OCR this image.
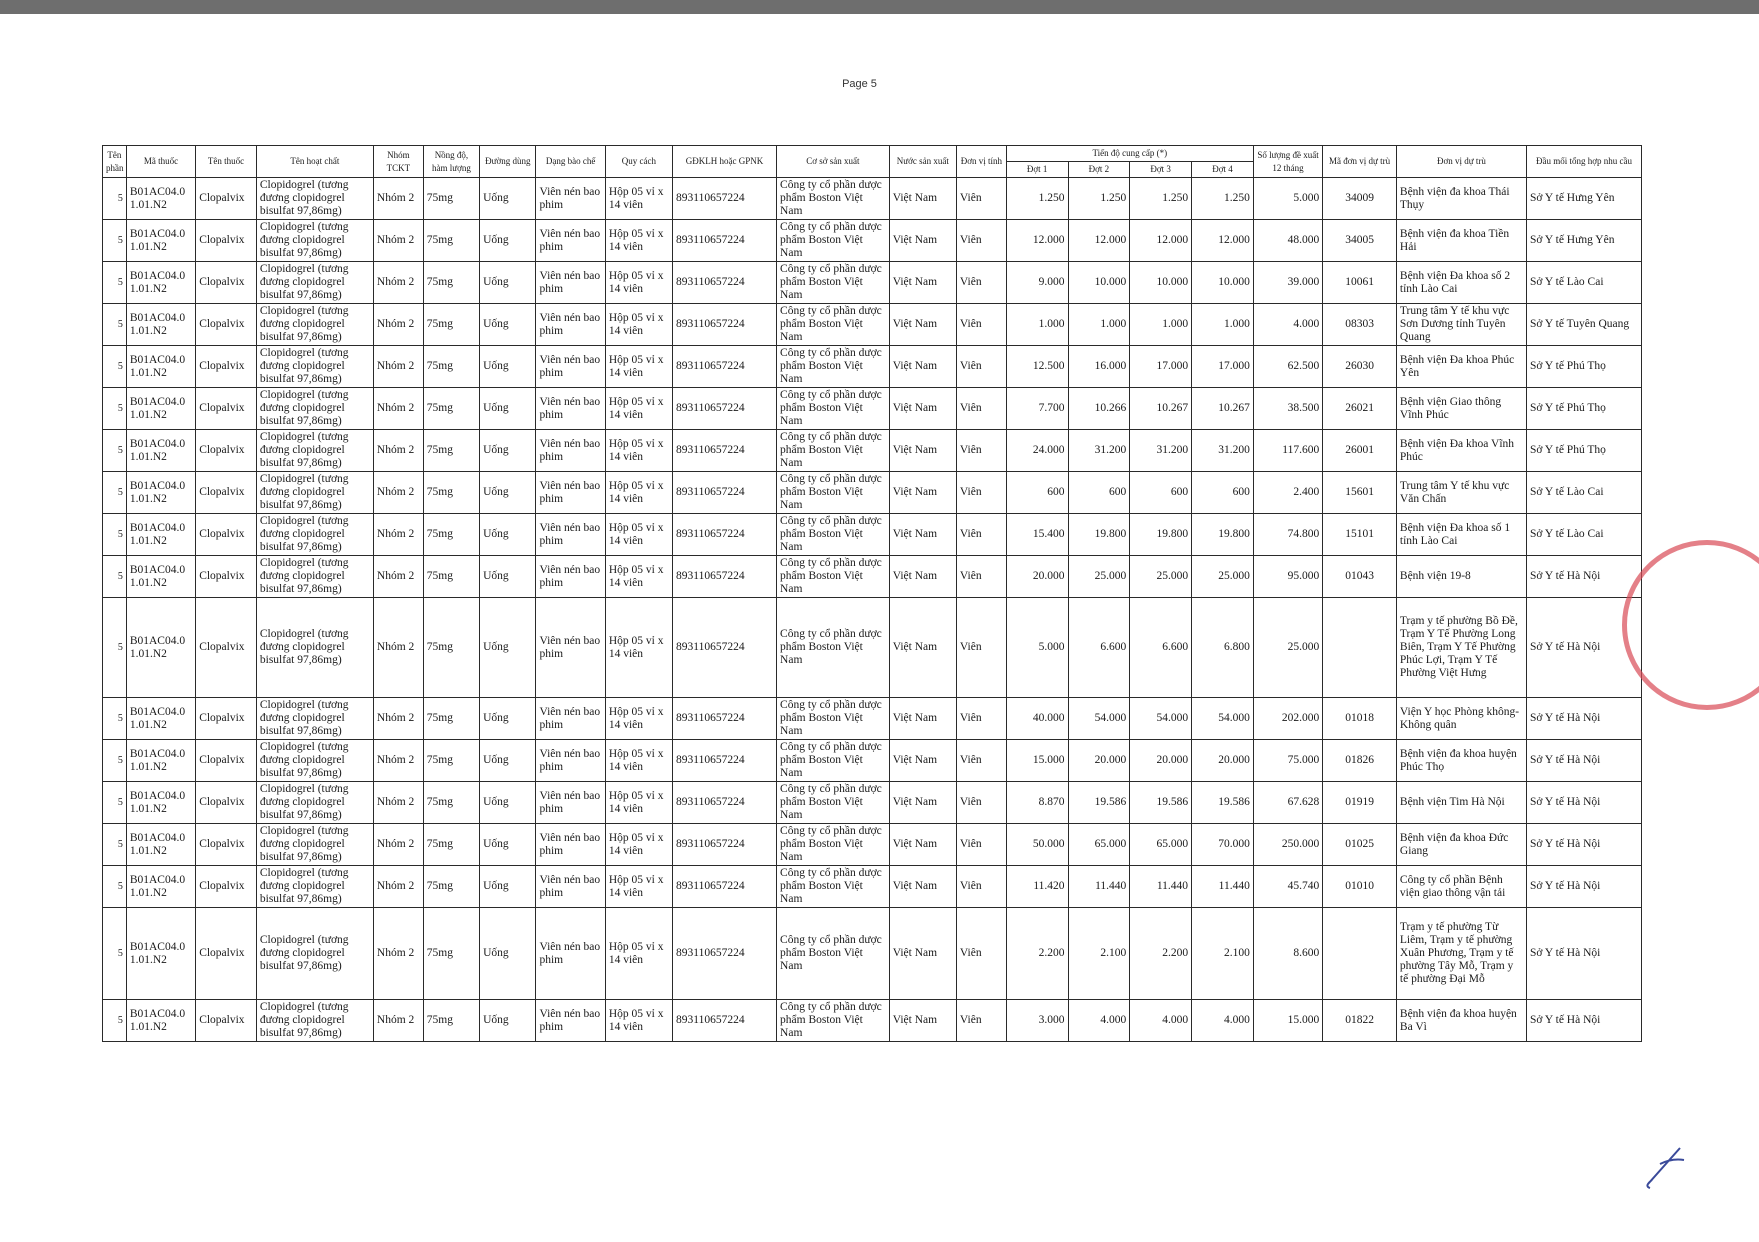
Page 5
Tên phần	Mã thuốc	Tên thuốc	Tên hoạt chất	Nhóm TCKT	Nồng độ, hàm lượng	Đường dùng	Dạng bào chế	Quy cách	GĐKLH hoặc GPNK	Cơ sở sản xuất	Nước sản xuất	Đơn vị tính	Tiến độ cung cấp (*)				Số lượng đề xuất 12 tháng	Mã đơn vị dự trù	Đơn vị dự trù	Đầu mối tổng hợp nhu cầu
													Đợt 1	Đợt 2	Đợt 3	Đợt 4				
5	B01AC04.0 1.01.N2	Clopalvix	Clopidogrel (tương đương clopidogrel bisulfat 97,86mg)	Nhóm 2	75mg	Uống	Viên nén bao phim	Hộp 05 vỉ x 14 viên	893110657224	Công ty cổ phần dược phẩm Boston Việt Nam	Việt Nam	Viên	1.250	1.250	1.250	1.250	5.000	34009	Bệnh viện đa khoa Thái Thụy	Sở Y tế Hưng Yên
5	B01AC04.0 1.01.N2	Clopalvix	Clopidogrel (tương đương clopidogrel bisulfat 97,86mg)	Nhóm 2	75mg	Uống	Viên nén bao phim	Hộp 05 vỉ x 14 viên	893110657224	Công ty cổ phần dược phẩm Boston Việt Nam	Việt Nam	Viên	12.000	12.000	12.000	12.000	48.000	34005	Bệnh viện đa khoa Tiền Hải	Sở Y tế Hưng Yên
5	B01AC04.0 1.01.N2	Clopalvix	Clopidogrel (tương đương clopidogrel bisulfat 97,86mg)	Nhóm 2	75mg	Uống	Viên nén bao phim	Hộp 05 vỉ x 14 viên	893110657224	Công ty cổ phần dược phẩm Boston Việt Nam	Việt Nam	Viên	9.000	10.000	10.000	10.000	39.000	10061	Bệnh viện Đa khoa số 2 tỉnh Lào Cai	Sở Y tế Lào Cai
5	B01AC04.0 1.01.N2	Clopalvix	Clopidogrel (tương đương clopidogrel bisulfat 97,86mg)	Nhóm 2	75mg	Uống	Viên nén bao phim	Hộp 05 vỉ x 14 viên	893110657224	Công ty cổ phần dược phẩm Boston Việt Nam	Việt Nam	Viên	1.000	1.000	1.000	1.000	4.000	08303	Trung tâm Y tế khu vực Sơn Dương tỉnh Tuyên Quang	Sở Y tế Tuyên Quang
5	B01AC04.0 1.01.N2	Clopalvix	Clopidogrel (tương đương clopidogrel bisulfat 97,86mg)	Nhóm 2	75mg	Uống	Viên nén bao phim	Hộp 05 vỉ x 14 viên	893110657224	Công ty cổ phần dược phẩm Boston Việt Nam	Việt Nam	Viên	12.500	16.000	17.000	17.000	62.500	26030	Bệnh viện Đa khoa Phúc Yên	Sở Y tế Phú Thọ
5	B01AC04.0 1.01.N2	Clopalvix	Clopidogrel (tương đương clopidogrel bisulfat 97,86mg)	Nhóm 2	75mg	Uống	Viên nén bao phim	Hộp 05 vỉ x 14 viên	893110657224	Công ty cổ phần dược phẩm Boston Việt Nam	Việt Nam	Viên	7.700	10.266	10.267	10.267	38.500	26021	Bệnh viện Giao thông Vĩnh Phúc	Sở Y tế Phú Thọ
5	B01AC04.0 1.01.N2	Clopalvix	Clopidogrel (tương đương clopidogrel bisulfat 97,86mg)	Nhóm 2	75mg	Uống	Viên nén bao phim	Hộp 05 vỉ x 14 viên	893110657224	Công ty cổ phần dược phẩm Boston Việt Nam	Việt Nam	Viên	24.000	31.200	31.200	31.200	117.600	26001	Bệnh viện Đa khoa Vĩnh Phúc	Sở Y tế Phú Thọ
5	B01AC04.0 1.01.N2	Clopalvix	Clopidogrel (tương đương clopidogrel bisulfat 97,86mg)	Nhóm 2	75mg	Uống	Viên nén bao phim	Hộp 05 vỉ x 14 viên	893110657224	Công ty cổ phần dược phẩm Boston Việt Nam	Việt Nam	Viên	600	600	600	600	2.400	15601	Trung tâm Y tế khu vực Văn Chấn	Sở Y tế Lào Cai
5	B01AC04.0 1.01.N2	Clopalvix	Clopidogrel (tương đương clopidogrel bisulfat 97,86mg)	Nhóm 2	75mg	Uống	Viên nén bao phim	Hộp 05 vỉ x 14 viên	893110657224	Công ty cổ phần dược phẩm Boston Việt Nam	Việt Nam	Viên	15.400	19.800	19.800	19.800	74.800	15101	Bệnh viện Đa khoa số 1 tỉnh Lào Cai	Sở Y tế Lào Cai
5	B01AC04.0 1.01.N2	Clopalvix	Clopidogrel (tương đương clopidogrel bisulfat 97,86mg)	Nhóm 2	75mg	Uống	Viên nén bao phim	Hộp 05 vỉ x 14 viên	893110657224	Công ty cổ phần dược phẩm Boston Việt Nam	Việt Nam	Viên	20.000	25.000	25.000	25.000	95.000	01043	Bệnh viện 19-8	Sở Y tế Hà Nội
5	B01AC04.0 1.01.N2	Clopalvix	Clopidogrel (tương đương clopidogrel bisulfat 97,86mg)	Nhóm 2	75mg	Uống	Viên nén bao phim	Hộp 05 vỉ x 14 viên	893110657224	Công ty cổ phần dược phẩm Boston Việt Nam	Việt Nam	Viên	5.000	6.600	6.600	6.800	25.000		Trạm y tế phường Bồ Đề, Trạm Y Tế Phường Long Biên, Trạm Y Tế Phường Phúc Lợi, Trạm Y Tế Phường Việt Hưng	Sở Y tế Hà Nội
5	B01AC04.0 1.01.N2	Clopalvix	Clopidogrel (tương đương clopidogrel bisulfat 97,86mg)	Nhóm 2	75mg	Uống	Viên nén bao phim	Hộp 05 vỉ x 14 viên	893110657224	Công ty cổ phần dược phẩm Boston Việt Nam	Việt Nam	Viên	40.000	54.000	54.000	54.000	202.000	01018	Viện Y học Phòng không-Không quân	Sở Y tế Hà Nội
5	B01AC04.0 1.01.N2	Clopalvix	Clopidogrel (tương đương clopidogrel bisulfat 97,86mg)	Nhóm 2	75mg	Uống	Viên nén bao phim	Hộp 05 vỉ x 14 viên	893110657224	Công ty cổ phần dược phẩm Boston Việt Nam	Việt Nam	Viên	15.000	20.000	20.000	20.000	75.000	01826	Bệnh viện đa khoa huyện Phúc Thọ	Sở Y tế Hà Nội
5	B01AC04.0 1.01.N2	Clopalvix	Clopidogrel (tương đương clopidogrel bisulfat 97,86mg)	Nhóm 2	75mg	Uống	Viên nén bao phim	Hộp 05 vỉ x 14 viên	893110657224	Công ty cổ phần dược phẩm Boston Việt Nam	Việt Nam	Viên	8.870	19.586	19.586	19.586	67.628	01919	Bệnh viện Tim Hà Nội	Sở Y tế Hà Nội
5	B01AC04.0 1.01.N2	Clopalvix	Clopidogrel (tương đương clopidogrel bisulfat 97,86mg)	Nhóm 2	75mg	Uống	Viên nén bao phim	Hộp 05 vỉ x 14 viên	893110657224	Công ty cổ phần dược phẩm Boston Việt Nam	Việt Nam	Viên	50.000	65.000	65.000	70.000	250.000	01025	Bệnh viện đa khoa Đức Giang	Sở Y tế Hà Nội
5	B01AC04.0 1.01.N2	Clopalvix	Clopidogrel (tương đương clopidogrel bisulfat 97,86mg)	Nhóm 2	75mg	Uống	Viên nén bao phim	Hộp 05 vỉ x 14 viên	893110657224	Công ty cổ phần dược phẩm Boston Việt Nam	Việt Nam	Viên	11.420	11.440	11.440	11.440	45.740	01010	Công ty cổ phần Bệnh viện giao thông vận tải	Sở Y tế Hà Nội
5	B01AC04.0 1.01.N2	Clopalvix	Clopidogrel (tương đương clopidogrel bisulfat 97,86mg)	Nhóm 2	75mg	Uống	Viên nén bao phim	Hộp 05 vỉ x 14 viên	893110657224	Công ty cổ phần dược phẩm Boston Việt Nam	Việt Nam	Viên	2.200	2.100	2.200	2.100	8.600		Trạm y tế phường Từ Liêm, Trạm y tế phường Xuân Phương, Trạm y tế phường Tây Mỗ, Trạm y tế phường Đại Mỗ	Sở Y tế Hà Nội
5	B01AC04.0 1.01.N2	Clopalvix	Clopidogrel (tương đương clopidogrel bisulfat 97,86mg)	Nhóm 2	75mg	Uống	Viên nén bao phim	Hộp 05 vỉ x 14 viên	893110657224	Công ty cổ phần dược phẩm Boston Việt Nam	Việt Nam	Viên	3.000	4.000	4.000	4.000	15.000	01822	Bệnh viện đa khoa huyện Ba Vì	Sở Y tế Hà Nội
